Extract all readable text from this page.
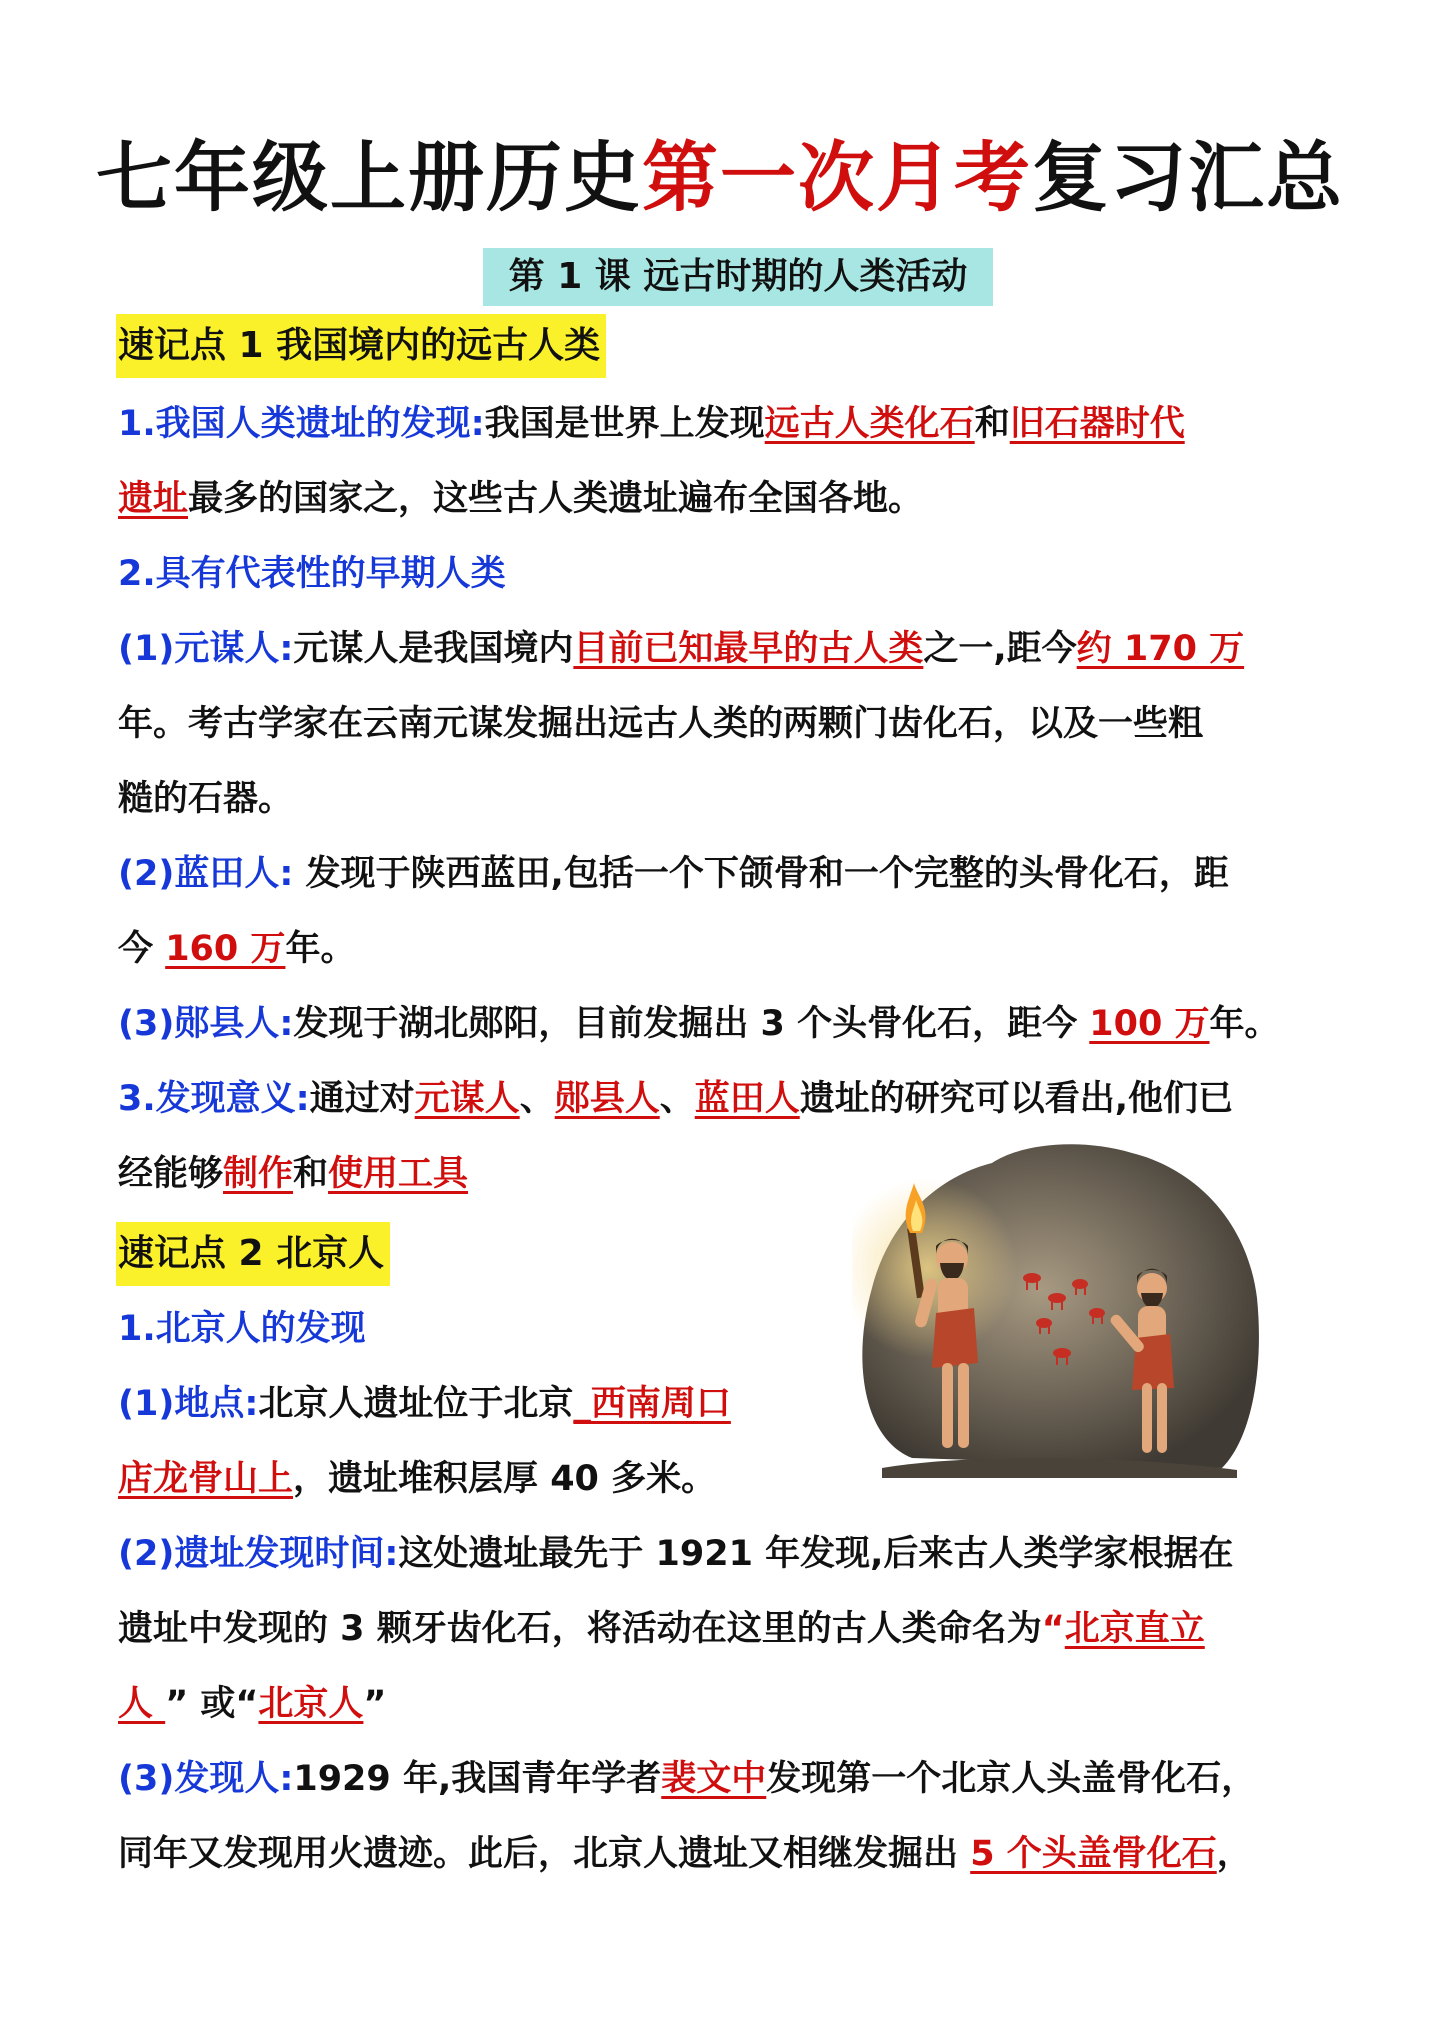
七年级上册历史第一次月考复习汇总
第 1 课 远古时期的人类活动
速记点 1 我国境内的远古人类
1.我国人类遗址的发现:我国是世界上发现远古人类化石和旧石器时代
遗址最多的国家之，这些古人类遗址遍布全国各地。
2.具有代表性的早期人类
(1)元谋人:元谋人是我国境内目前已知最早的古人类之一,距今约 170 万
年。考古学家在云南元谋发掘出远古人类的两颗门齿化石，以及一些粗
糙的石器。
(2)蓝田人: 发现于陕西蓝田,包括一个下颌骨和一个完整的头骨化石，距
今 160 万年。
(3)郧县人:发现于湖北郧阳，目前发掘出 3 个头骨化石，距今 100 万年。
3.发现意义:通过对元谋人、郧县人、蓝田人遗址的研究可以看出,他们已
经能够制作和使用工具
速记点 2 北京人
1.北京人的发现
(1)地点:北京人遗址位于北京_西南周口
店龙骨山上，遗址堆积层厚 40 多米。
(2)遗址发现时间:这处遗址最先于 1921 年发现,后来古人类学家根据在
遗址中发现的 3 颗牙齿化石，将活动在这里的古人类命名为“北京直立
人 ” 或“北京人”
(3)发现人:1929 年,我国青年学者裴文中发现第一个北京人头盖骨化石，
同年又发现用火遗迹。此后，北京人遗址又相继发掘出 5 个头盖骨化石，
